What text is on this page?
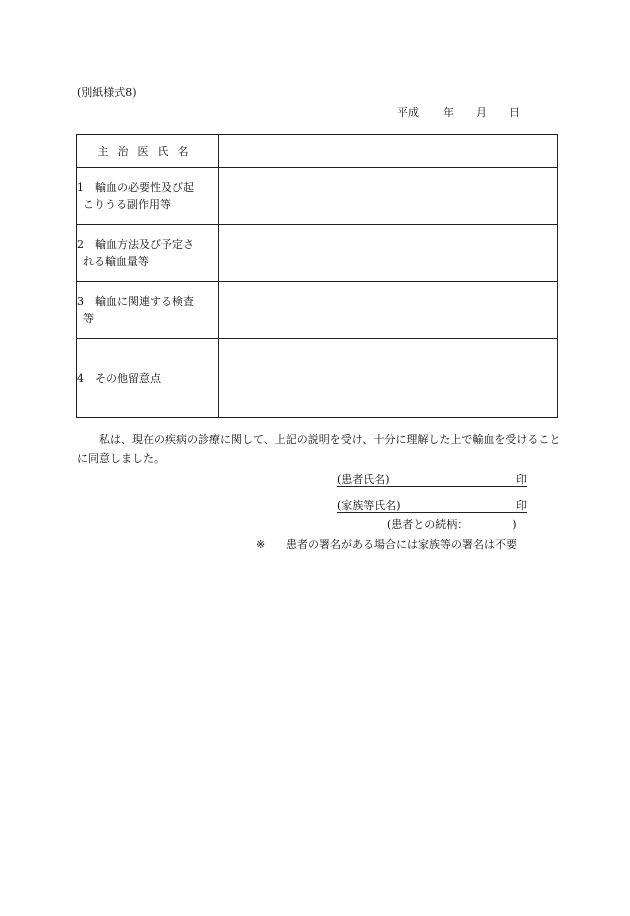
(別紙様式8)
平成 年 月 日
主治医氏名	
1 輸血の必要性及び起
こりうる副作用等	

2 輸血方法及び予定さ
れる輸血量等	

3 輸血に関連する検査
等	

4 その他留意点	
私は、現在の疾病の診療に関して、上記の説明を受け、十分に理解した上で輸血を受けることに同意しました。
(患者氏名)	印
(家族等氏名)	印
(患者との続柄：	)
※ 患者の署名がある場合には家族等の署名は不要
